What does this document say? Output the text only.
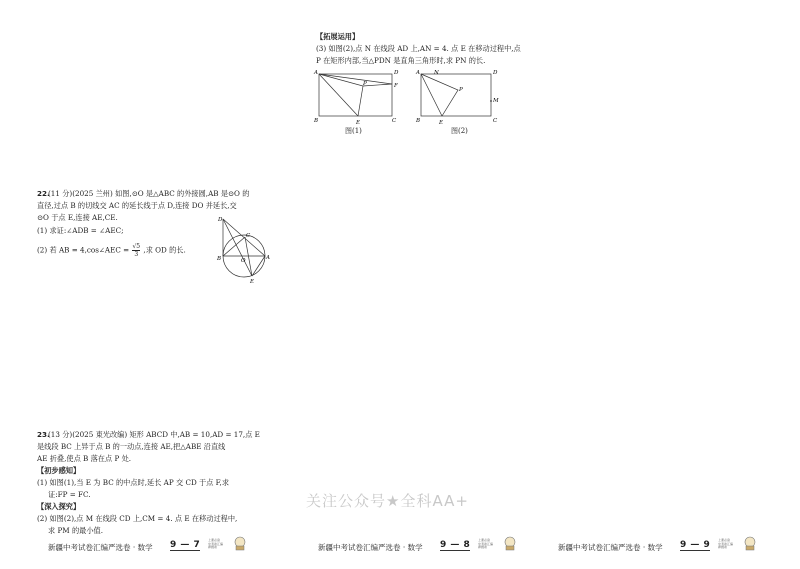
【拓展运用】
(3) 如图(2),点 N 在线段 AD 上,AN = 4. 点 E 在移动过程中,点
P 在矩形内部,当△PDN 是直角三角形时,求 PN 的长.
A	D
F
P
B	E	C
图(1)
A	N	D
P
M
B	E	C
图(2)
22.
(11 分)(2025 兰州) 如图,⊙O 是△ABC 的外接圆,AB 是⊙O 的
直径,过点 B 的切线交 AC 的延长线于点 D,连接 DO 并延长,交
⊙O 于点 E,连接 AE,CE.
(1) 求证:∠ADB = ∠AEC;
(2) 若 AB = 4,cos∠AEC = $\frac{√5}{3}$ ,求 OD 的长.
D
C
B	O	A
E
23.
(13 分)(2025 東光改编) 矩形 ABCD 中,AB = 10,AD = 17,点 E
是线段 BC 上异于点 B 的一动点,连接 AE,把△ABE 沿直线
AE 折叠,使点 B 落在点 P 处.
【初步感知】
(1) 如图(1),当 E 为 BC 的中点时,延长 AP 交 CD 于点 F,求
证:FP = FC.
【深入探究】
(2) 如图(2),点 M 在线段 CD 上,CM = 4. 点 E 在移动过程中,
求 PM 的最小值.
关注公众号★全科AA+
新疆中考试卷汇编严选卷 · 数学 9 — 7	上课必备
中考卷汇编
押题卷	新疆中考试卷汇编严选卷 · 数学 9 — 8	上课必备
中考卷汇编
押题卷	新疆中考试卷汇编严选卷 · 数学 9 — 9	上课必备
中考卷汇编
押题卷
